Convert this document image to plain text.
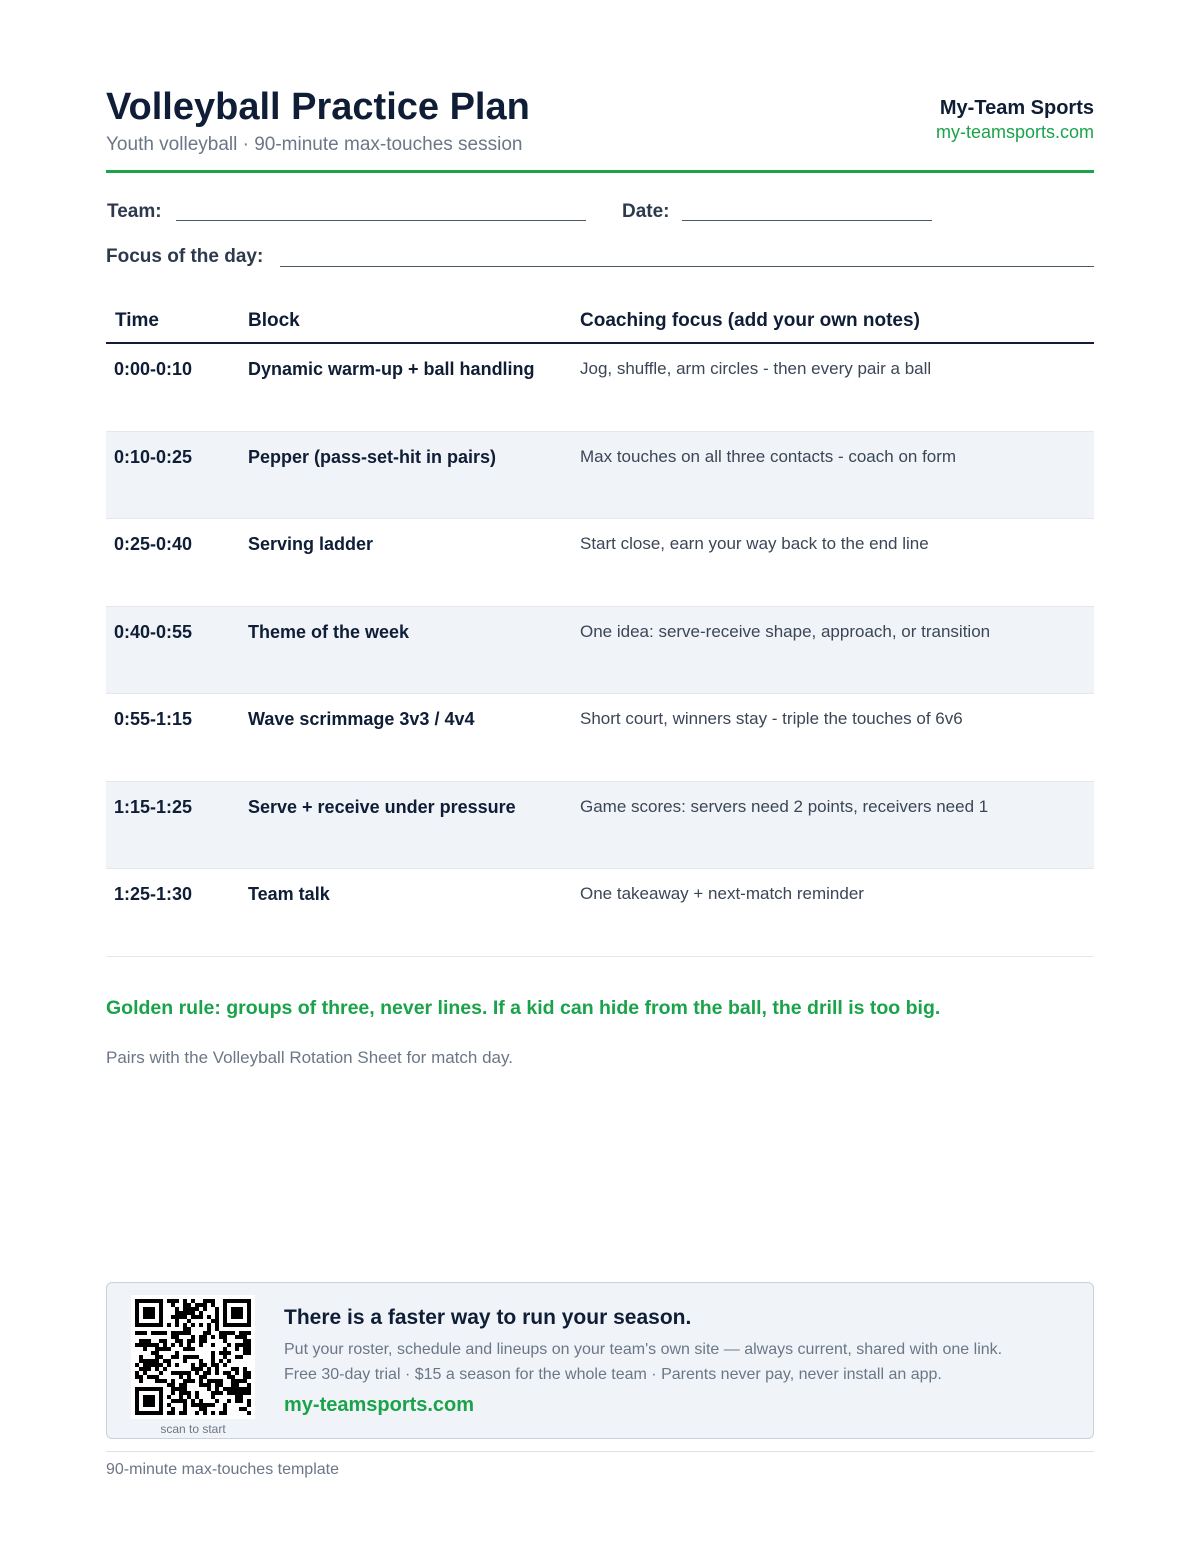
Volleyball Practice Plan
Youth volleyball · 90-minute max-touches session
My-Team Sports
my-teamsports.com
Team:	Date:
Focus of the day:
Time	Block	Coaching focus (add your own notes)
0:00-0:10	Dynamic warm-up + ball handling	Jog, shuffle, arm circles - then every pair a ball
0:10-0:25	Pepper (pass-set-hit in pairs)	Max touches on all three contacts - coach on form
0:25-0:40	Serving ladder	Start close, earn your way back to the end line
0:40-0:55	Theme of the week	One idea: serve-receive shape, approach, or transition
0:55-1:15	Wave scrimmage 3v3 / 4v4	Short court, winners stay - triple the touches of 6v6
1:15-1:25	Serve + receive under pressure	Game scores: servers need 2 points, receivers need 1
1:25-1:30	Team talk	One takeaway + next-match reminder
Golden rule: groups of three, never lines. If a kid can hide from the ball, the drill is too big.
Pairs with the Volleyball Rotation Sheet for match day.
scan to start
There is a faster way to run your season.
Put your roster, schedule and lineups on your team's own site — always current, shared with one link.
Free 30-day trial · $15 a season for the whole team · Parents never pay, never install an app.
my-teamsports.com
90-minute max-touches template
